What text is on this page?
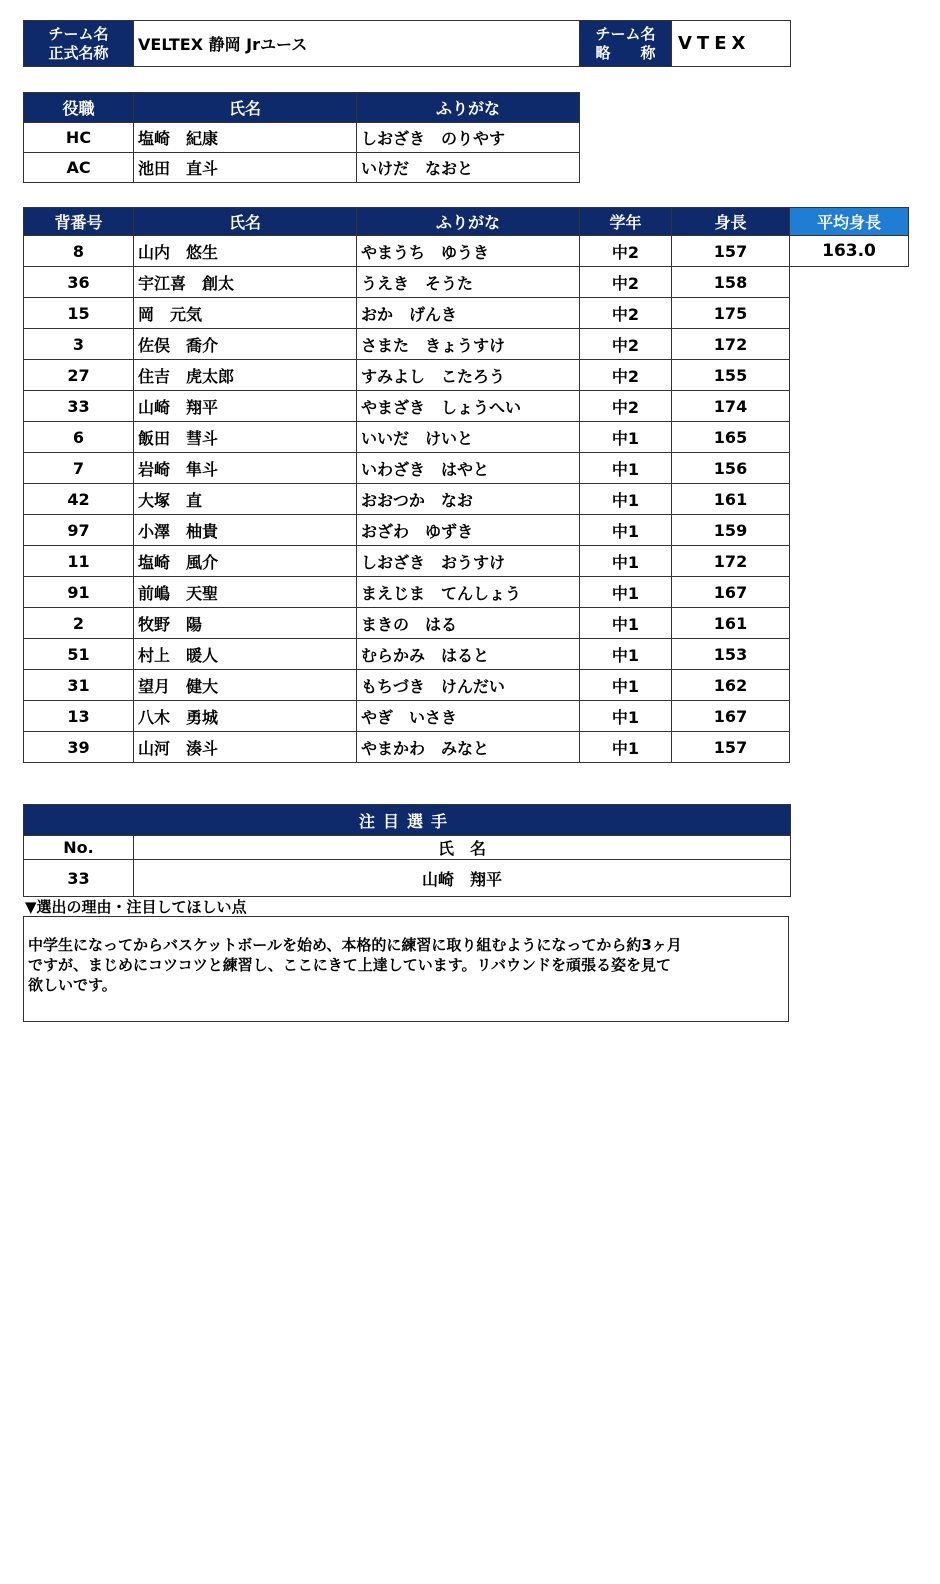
チーム名
正式名称	VELTEX 静岡 Jrユース	
チーム名
略　　称	VTEX
役職	氏名	ふりがな
HC	塩崎　紀康	しおざき　のりやす
AC	池田　直斗	いけだ　なおと
背番号	氏名	ふりがな	学年	身長	平均身長
8	山内　悠生	やまうち　ゆうき	中2	157	163.0
36	宇江喜　創太	うえき　そうた	中2	158	
15	岡　元気	おか　げんき	中2	175	
3	佐俣　喬介	さまた　きょうすけ	中2	172	
27	住吉　虎太郎	すみよし　こたろう	中2	155	
33	山崎　翔平	やまざき　しょうへい	中2	174	
6	飯田　彗斗	いいだ　けいと	中1	165	
7	岩崎　隼斗	いわざき　はやと	中1	156	
42	大塚　直	おおつか　なお	中1	161	
97	小澤　柚貴	おざわ　ゆずき	中1	159	
11	塩崎　風介	しおざき　おうすけ	中1	172	
91	前嶋　天聖	まえじま　てんしょう	中1	167	
2	牧野　陽	まきの　はる	中1	161	
51	村上　暖人	むらかみ　はると	中1	153	
31	望月　健大	もちづき　けんだい	中1	162	
13	八木　勇城	やぎ　いさき	中1	167	
39	山河　湊斗	やまかわ　みなと	中1	157	
注目選手	
No.	氏　名
33	山崎　翔平
▼選出の理由・注目してほしい点
中学生になってからバスケットボールを始め、本格的に練習に取り組むようになってから約3ヶ月
ですが、まじめにコツコツと練習し、ここにきて上達しています。リバウンドを頑張る姿を見て
欲しいです。
